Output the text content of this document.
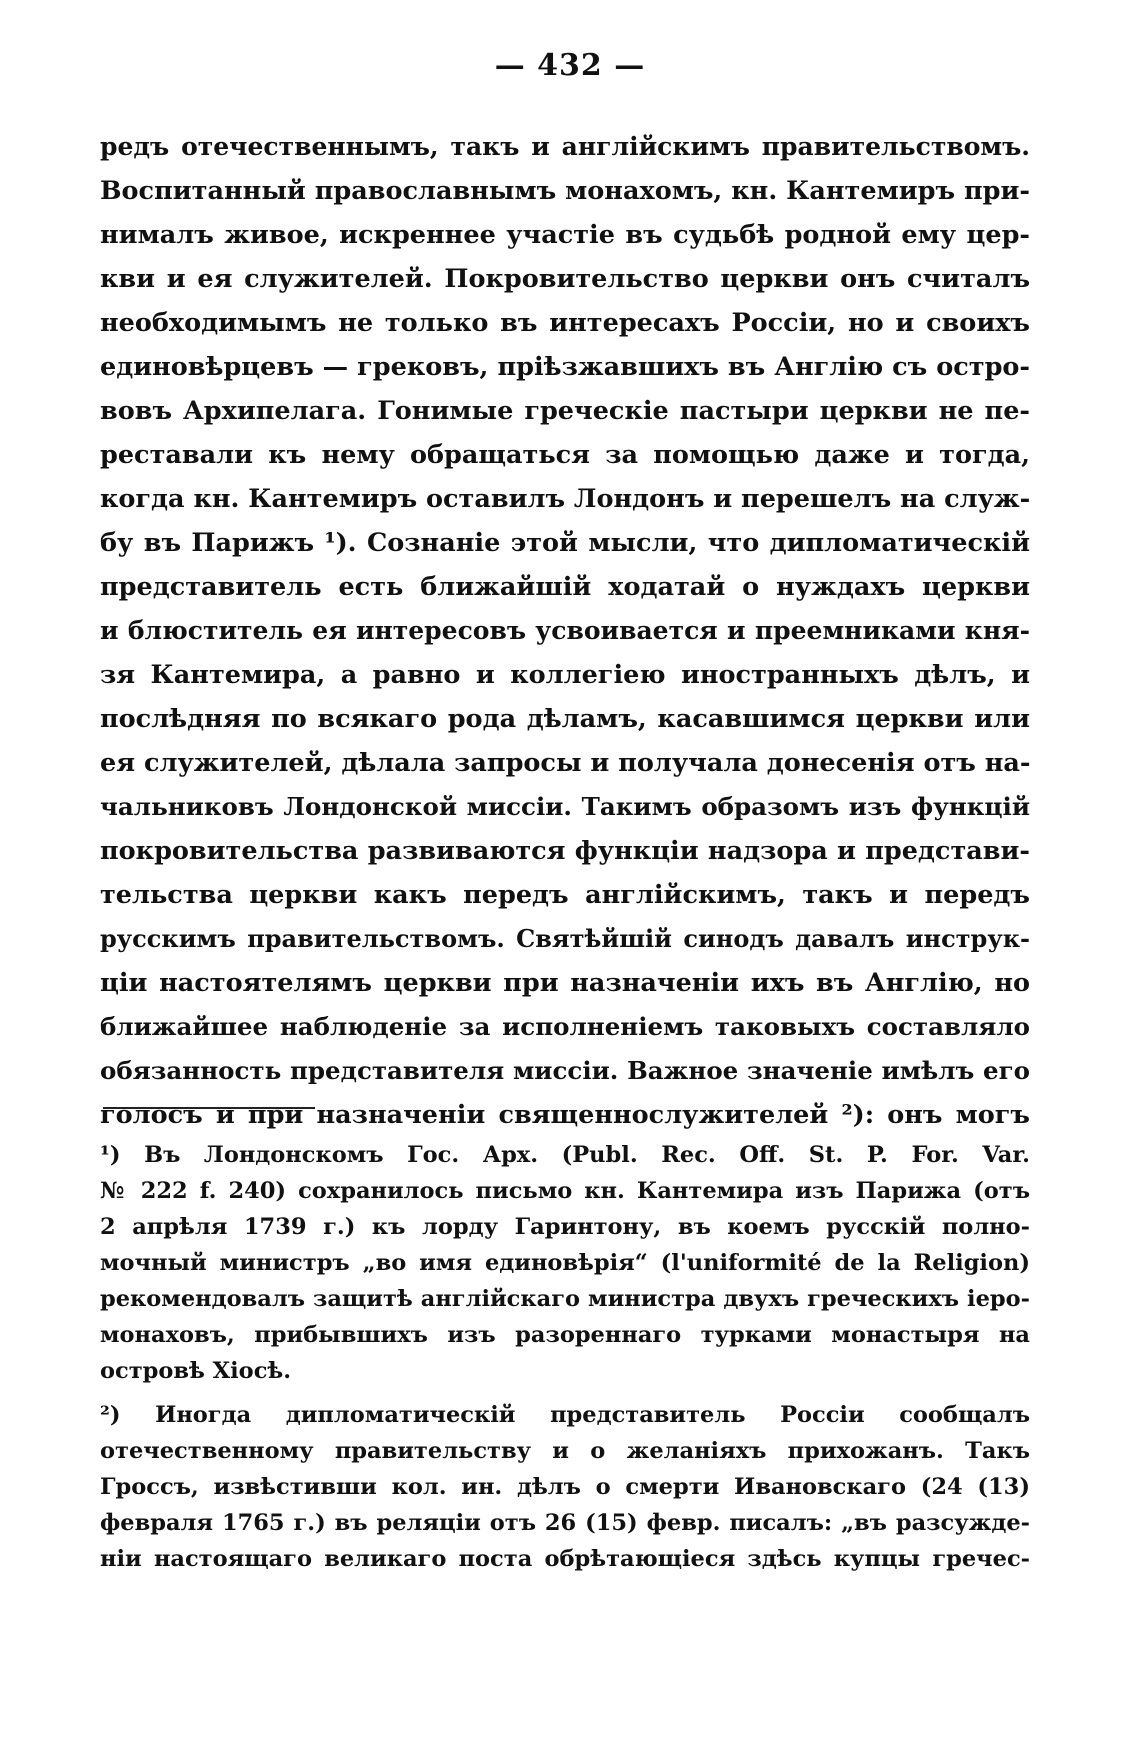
— 432 —
редъ отечественнымъ, такъ и англійскимъ правительствомъ.
Воспитанный православнымъ монахомъ, кн. Кантемиръ при-
нималъ живое, искреннее участіе въ судьбѣ родной ему цер-
кви и ея служителей. Покровительство церкви онъ считалъ
необходимымъ не только въ интересахъ Россіи, но и своихъ
единовѣрцевъ — грековъ, пріѣзжавшихъ въ Англію съ остро-
вовъ Архипелага. Гонимые греческіе пастыри церкви не пе-
реставали къ нему обращаться за помощью даже и тогда,
когда кн. Кантемиръ оставилъ Лондонъ и перешелъ на служ-
бу въ Парижъ ¹). Сознаніе этой мысли, что дипломатическій
представитель есть ближайшій ходатай о нуждахъ церкви
и блюститель ея интересовъ усвоивается и преемниками кня-
зя Кантемира, а равно и коллегіею иностранныхъ дѣлъ, и
послѣдняя по всякаго рода дѣламъ, касавшимся церкви или
ея служителей, дѣлала запросы и получала донесенія отъ на-
чальниковъ Лондонской миссіи. Такимъ образомъ изъ функцій
покровительства развиваются функціи надзора и представи-
тельства церкви какъ передъ англійскимъ, такъ и передъ
русскимъ правительствомъ. Святѣйшій синодъ давалъ инструк-
ціи настоятелямъ церкви при назначеніи ихъ въ Англію, но
ближайшее наблюденіе за исполненіемъ таковыхъ составляло
обязанность представителя миссіи. Важное значеніе имѣлъ его
голосъ и при назначеніи священнослужителей ²): онъ могъ
¹) Въ Лондонскомъ Гос. Арх. (Publ. Rec. Off. St. P. For. Var.
№ 222 f. 240) сохранилось письмо кн. Кантемира изъ Парижа (отъ
2 апрѣля 1739 г.) къ лорду Гаринтону, въ коемъ русскій полно-
мочный министръ „во имя единовѣрія“ (l'uniformité de la Religion)
рекомендовалъ защитѣ англійскаго министра двухъ греческихъ іеро-
монаховъ, прибывшихъ изъ разореннаго турками монастыря на
островѣ Хіосѣ.
²) Иногда дипломатическій представитель Россіи сообщалъ
отечественному правительству и о желаніяхъ прихожанъ. Такъ
Гроссъ, извѣстивши кол. ин. дѣлъ о смерти Ивановскаго (24 (13)
февраля 1765 г.) въ реляціи отъ 26 (15) февр. писалъ: „въ разсужде-
ніи настоящаго великаго поста обрѣтающіеся здѣсь купцы гречес-
